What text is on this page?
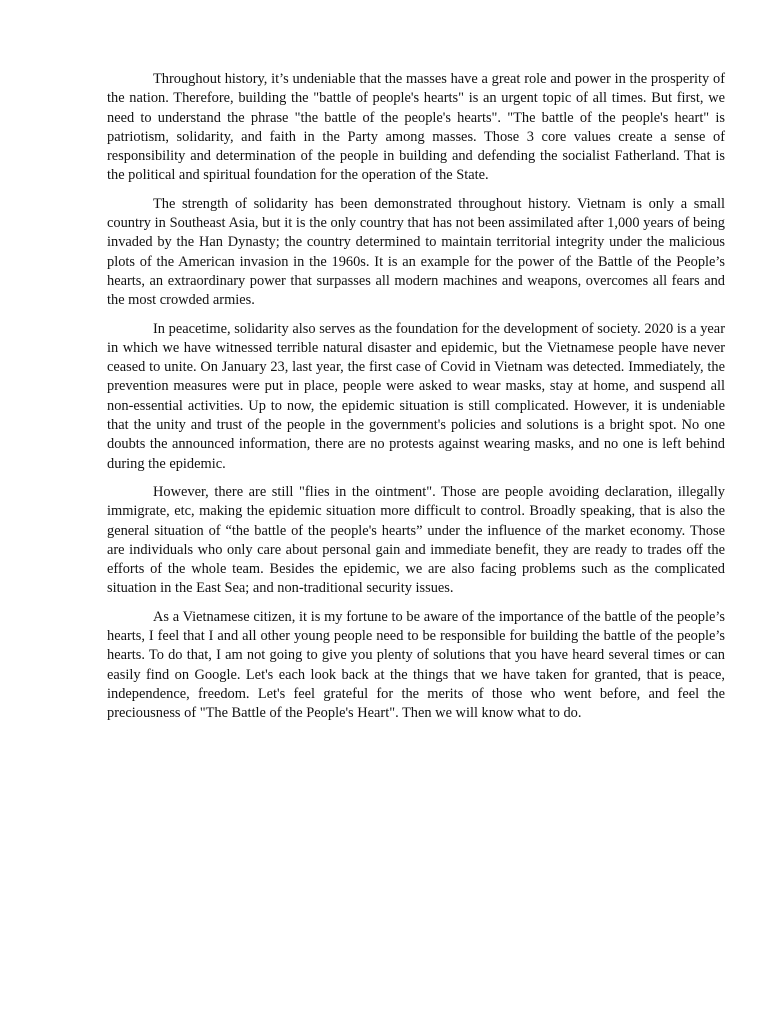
Throughout history, it’s undeniable that the masses have a great role and power in the prosperity of the nation. Therefore, building the "battle of people's hearts" is an urgent topic of all times. But first, we need to understand the phrase "the battle of the people's hearts". "The battle of the people's heart" is patriotism, solidarity, and faith in the Party among masses. Those 3 core values create a sense of responsibility and determination of the people in building and defending the socialist Fatherland. That is the political and spiritual foundation for the operation of the State.

The strength of solidarity has been demonstrated throughout history. Vietnam is only a small country in Southeast Asia, but it is the only country that has not been assimilated after 1,000 years of being invaded by the Han Dynasty; the country determined to maintain territorial integrity under the malicious plots of the American invasion in the 1960s. It is an example for the power of the Battle of the People’s hearts, an extraordinary power that surpasses all modern machines and weapons, overcomes all fears and the most crowded armies.

In peacetime, solidarity also serves as the foundation for the development of society. 2020 is a year in which we have witnessed terrible natural disaster and epidemic, but the Vietnamese people have never ceased to unite. On January 23, last year, the first case of Covid in Vietnam was detected. Immediately, the prevention measures were put in place, people were asked to wear masks, stay at home, and suspend all non-essential activities. Up to now, the epidemic situation is still complicated. However, it is undeniable that the unity and trust of the people in the government's policies and solutions is a bright spot. No one doubts the announced information, there are no protests against wearing masks, and no one is left behind during the epidemic.

However, there are still "flies in the ointment". Those are people avoiding declaration, illegally immigrate, etc, making the epidemic situation more difficult to control. Broadly speaking, that is also the general situation of “the battle of the people's hearts” under the influence of the market economy. Those are individuals who only care about personal gain and immediate benefit, they are ready to trades off the efforts of the whole team. Besides the epidemic, we are also facing problems such as the complicated situation in the East Sea; and non-traditional security issues.

As a Vietnamese citizen, it is my fortune to be aware of the importance of the battle of the people’s hearts, I feel that I and all other young people need to be responsible for building the battle of the people’s hearts. To do that, I am not going to give you plenty of solutions that you have heard several times or can easily find on Google. Let's each look back at the things that we have taken for granted, that is peace, independence, freedom. Let's feel grateful for the merits of those who went before, and feel the preciousness of "The Battle of the People's Heart". Then we will know what to do.
